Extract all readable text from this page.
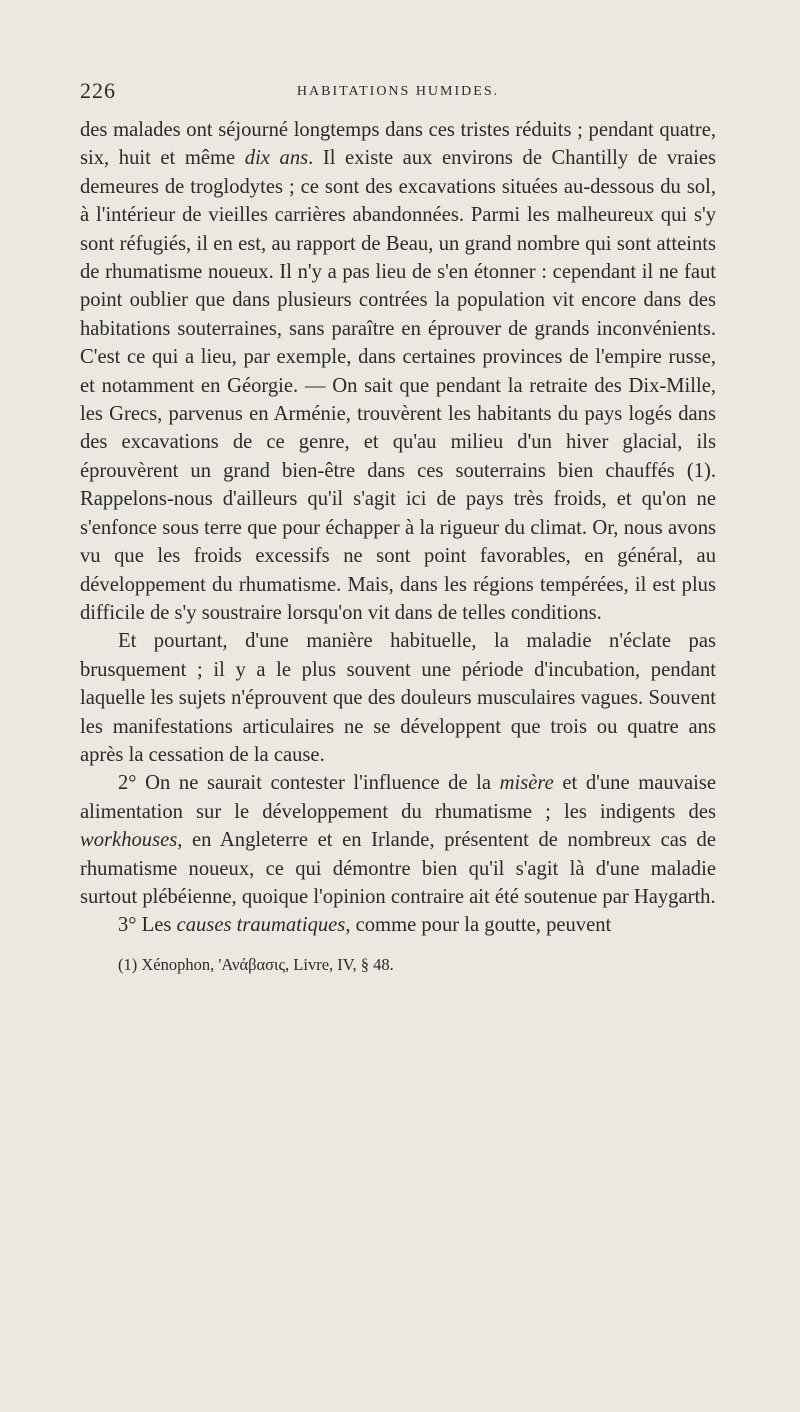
226	HABITATIONS HUMIDES.

des malades ont séjourné longtemps dans ces tristes réduits ; pendant quatre, six, huit et même dix ans. Il existe aux environs de Chantilly de vraies demeures de troglodytes ; ce sont des excavations situées au-dessous du sol, à l'intérieur de vieilles carrières abandonnées. Parmi les malheureux qui s'y sont réfugiés, il en est, au rapport de Beau, un grand nombre qui sont atteints de rhumatisme noueux. Il n'y a pas lieu de s'en étonner : cependant il ne faut point oublier que dans plusieurs contrées la population vit encore dans des habitations souterraines, sans paraître en éprouver de grands inconvénients. C'est ce qui a lieu, par exemple, dans certaines provinces de l'empire russe, et notamment en Géorgie. — On sait que pendant la retraite des Dix-Mille, les Grecs, parvenus en Arménie, trouvèrent les habitants du pays logés dans des excavations de ce genre, et qu'au milieu d'un hiver glacial, ils éprouvèrent un grand bien-être dans ces souterrains bien chauffés (1). Rappelons-nous d'ailleurs qu'il s'agit ici de pays très froids, et qu'on ne s'enfonce sous terre que pour échapper à la rigueur du climat. Or, nous avons vu que les froids excessifs ne sont point favorables, en général, au développement du rhumatisme. Mais, dans les régions tempérées, il est plus difficile de s'y soustraire lorsqu'on vit dans de telles conditions.

Et pourtant, d'une manière habituelle, la maladie n'éclate pas brusquement ; il y a le plus souvent une période d'incubation, pendant laquelle les sujets n'éprouvent que des douleurs musculaires vagues. Souvent les manifestations articulaires ne se développent que trois ou quatre ans après la cessation de la cause.

2° On ne saurait contester l'influence de la misère et d'une mauvaise alimentation sur le développement du rhumatisme ; les indigents des workhouses, en Angleterre et en Irlande, présentent de nombreux cas de rhumatisme noueux, ce qui démontre bien qu'il s'agit là d'une maladie surtout plébéienne, quoique l'opinion contraire ait été soutenue par Haygarth.

3° Les causes traumatiques, comme pour la goutte, peuvent

(1) Xénophon, 'Ανάβασις, Livre, IV, § 48.
